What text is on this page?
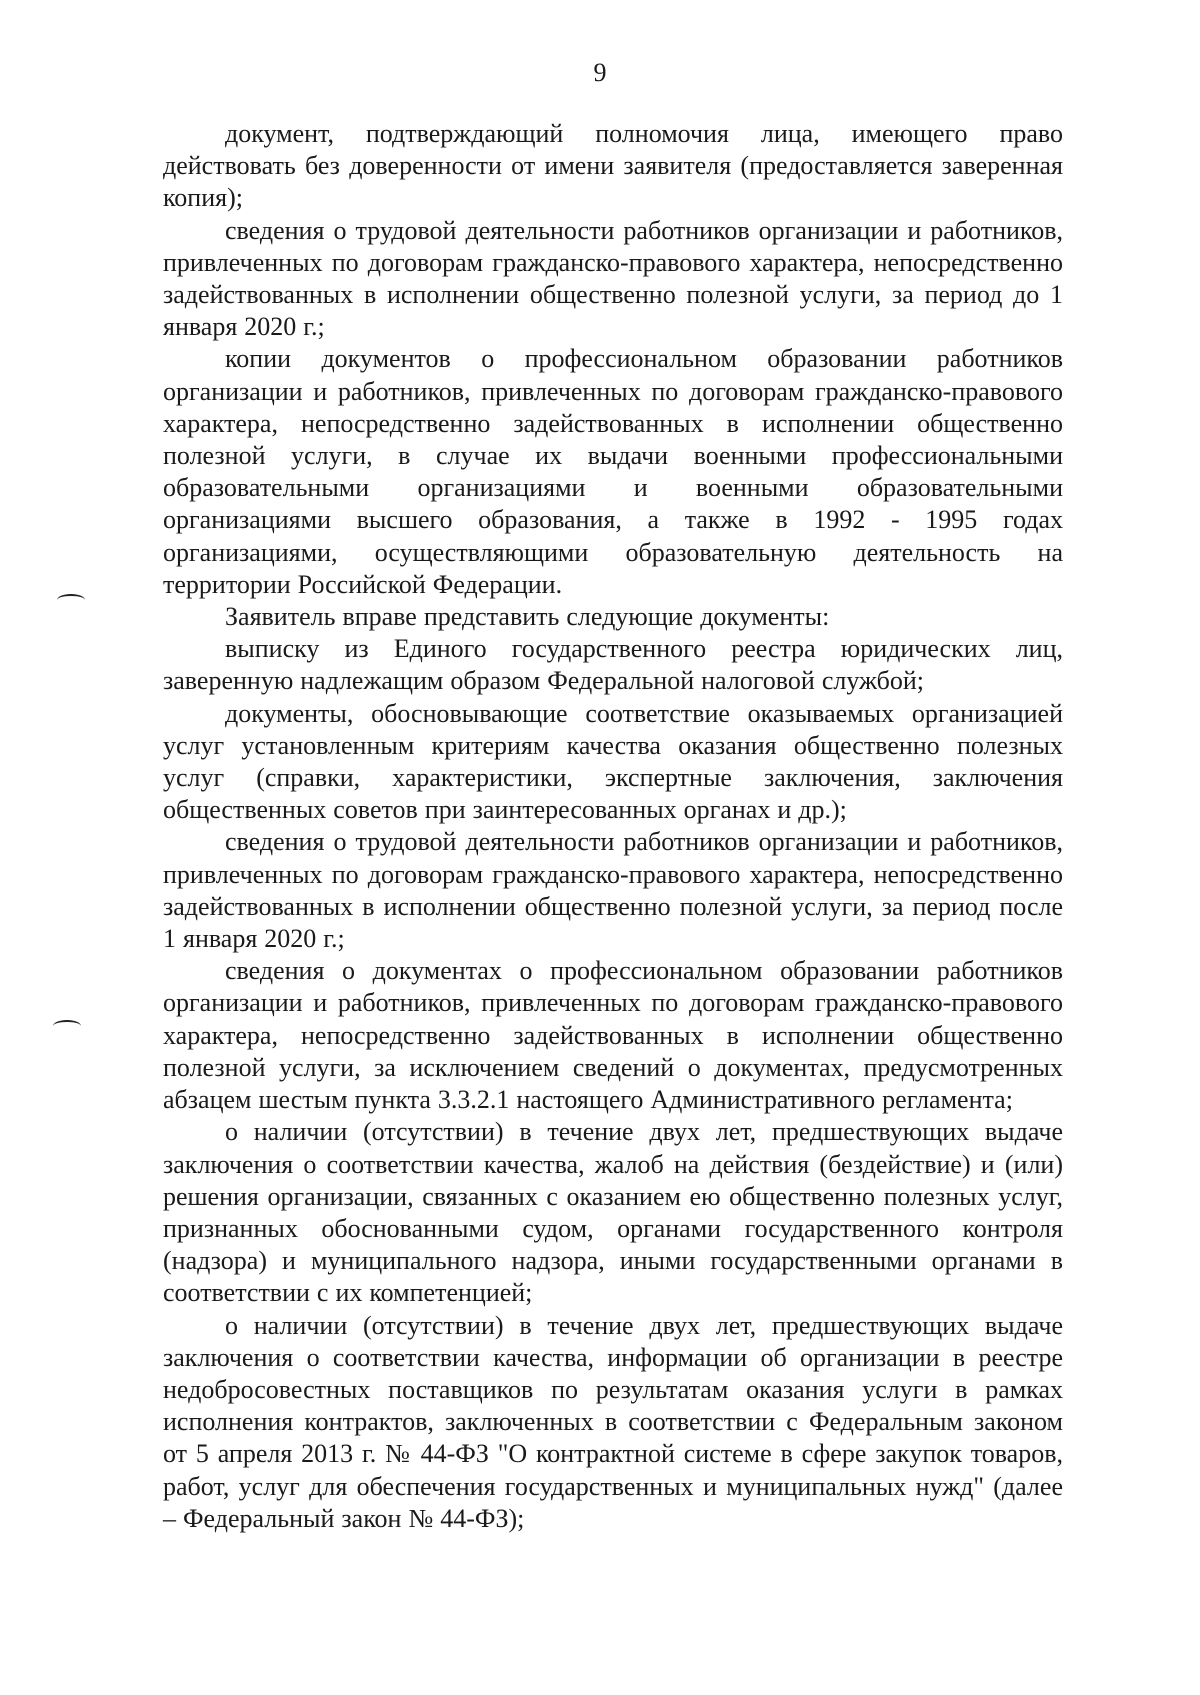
9

документ, подтверждающий полномочия лица, имеющего право действовать без доверенности от имени заявителя (предоставляется заверенная копия);

сведения о трудовой деятельности работников организации и работников, привлеченных по договорам гражданско-правового характера, непосредственно задействованных в исполнении общественно полезной услуги, за период до 1 января 2020 г.;

копии документов о профессиональном образовании работников организации и работников, привлеченных по договорам гражданско-правового характера, непосредственно задействованных в исполнении общественно полезной услуги, в случае их выдачи военными профессиональными образовательными организациями и военными образовательными организациями высшего образования, а также в 1992 - 1995 годах организациями, осуществляющими образовательную деятельность на территории Российской Федерации.

Заявитель вправе представить следующие документы:

выписку из Единого государственного реестра юридических лиц, заверенную надлежащим образом Федеральной налоговой службой;

документы, обосновывающие соответствие оказываемых организацией услуг установленным критериям качества оказания общественно полезных услуг (справки, характеристики, экспертные заключения, заключения общественных советов при заинтересованных органах и др.);

сведения о трудовой деятельности работников организации и работников, привлеченных по договорам гражданско-правового характера, непосредственно задействованных в исполнении общественно полезной услуги, за период после 1 января 2020 г.;

сведения о документах о профессиональном образовании работников организации и работников, привлеченных по договорам гражданско-правового характера, непосредственно задействованных в исполнении общественно полезной услуги, за исключением сведений о документах, предусмотренных абзацем шестым пункта 3.3.2.1 настоящего Административного регламента;

о наличии (отсутствии) в течение двух лет, предшествующих выдаче заключения о соответствии качества, жалоб на действия (бездействие) и (или) решения организации, связанных с оказанием ею общественно полезных услуг, признанных обоснованными судом, органами государственного контроля (надзора) и муниципального надзора, иными государственными органами в соответствии с их компетенцией;

о наличии (отсутствии) в течение двух лет, предшествующих выдаче заключения о соответствии качества, информации об организации в реестре недобросовестных поставщиков по результатам оказания услуги в рамках исполнения контрактов, заключенных в соответствии с Федеральным законом от 5 апреля 2013 г. № 44-ФЗ "О контрактной системе в сфере закупок товаров, работ, услуг для обеспечения государственных и муниципальных нужд" (далее – Федеральный закон № 44-ФЗ);
